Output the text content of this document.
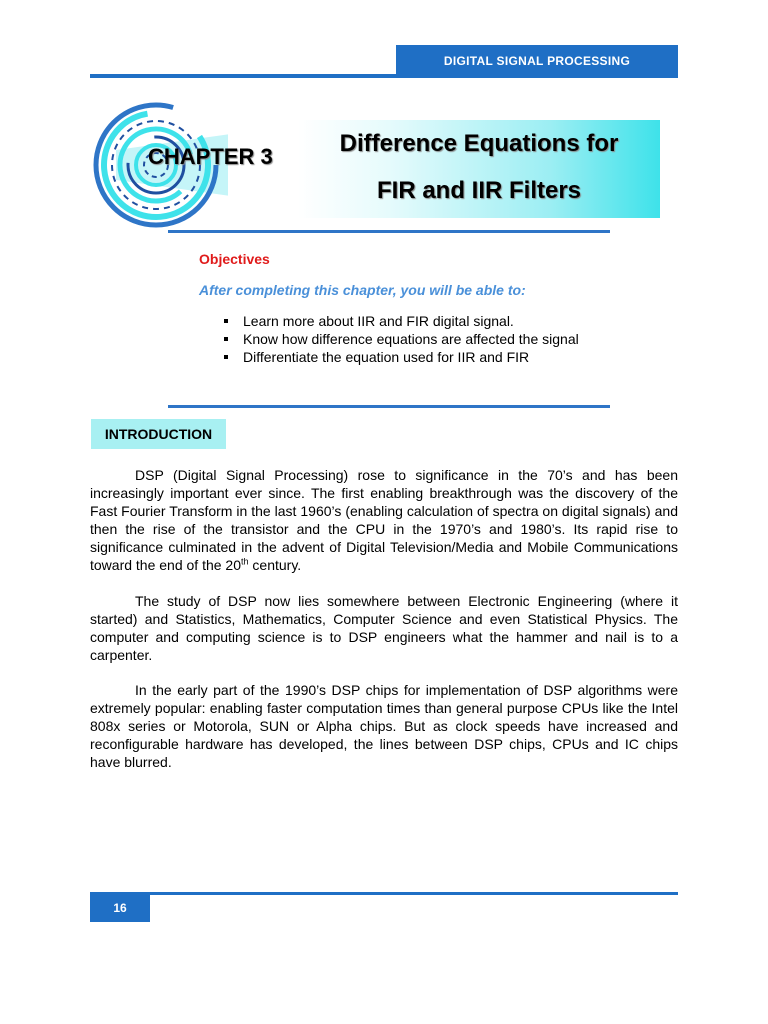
DIGITAL SIGNAL PROCESSING
CHAPTER 3	Difference Equations for
FIR and IIR Filters
Objectives
After completing this chapter, you will be able to:
Learn more about IIR and FIR digital signal.
Know how difference equations are affected the signal
Differentiate the equation used for IIR and FIR
INTRODUCTION

DSP (Digital Signal Processing) rose to significance in the 70’s and has been increasingly important ever since. The first enabling breakthrough was the discovery of the Fast Fourier Transform in the last 1960’s (enabling calculation of spectra on digital signals) and then the rise of the transistor and the CPU in the 1970’s and 1980’s. Its rapid rise to significance culminated in the advent of Digital Television/Media and Mobile Communications toward the end of the 20th century.

The study of DSP now lies somewhere between Electronic Engineering (where it started) and Statistics, Mathematics, Computer Science and even Statistical Physics. The computer and computing science is to DSP engineers what the hammer and nail is to a carpenter.

In the early part of the 1990’s DSP chips for implementation of DSP algorithms were extremely popular: enabling faster computation times than general purpose CPUs like the Intel 808x series or Motorola, SUN or Alpha chips. But as clock speeds have increased and reconfigurable hardware has developed, the lines between DSP chips, CPUs and IC chips have blurred.

16
